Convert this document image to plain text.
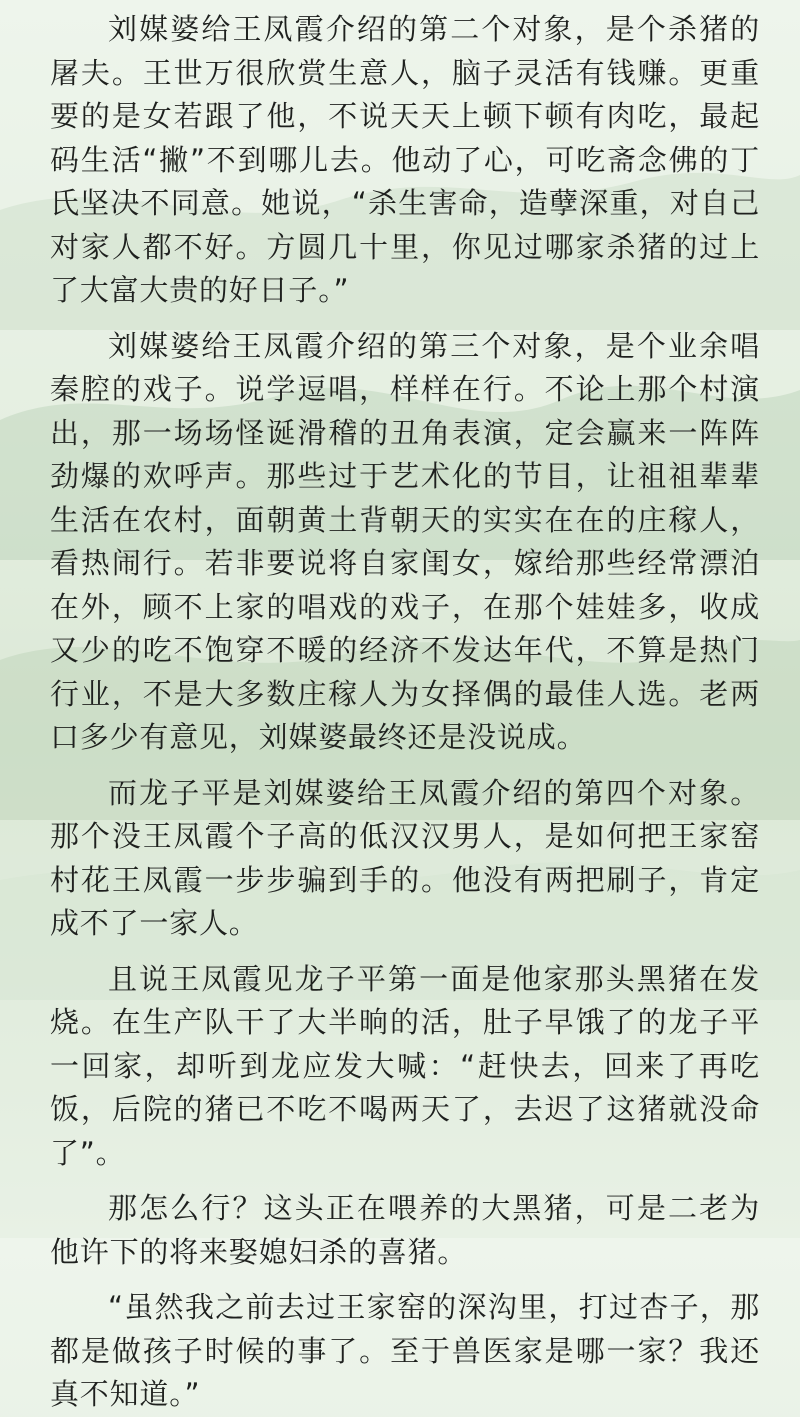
刘媒婆给王凤霞介绍的第二个对象，是个杀猪的屠夫。王世万很欣赏生意人，脑子灵活有钱赚。更重要的是女若跟了他，不说天天上顿下顿有肉吃，最起码生活“撇”不到哪儿去。他动了心，可吃斋念佛的丁氏坚决不同意。她说，“杀生害命，造孽深重，对自己对家人都不好。方圆几十里，你见过哪家杀猪的过上了大富大贵的好日子。”

刘媒婆给王凤霞介绍的第三个对象，是个业余唱秦腔的戏子。说学逗唱，样样在行。不论上那个村演出，那一场场怪诞滑稽的丑角表演，定会赢来一阵阵劲爆的欢呼声。那些过于艺术化的节目，让祖祖辈辈生活在农村，面朝黄土背朝天的实实在在的庄稼人，看热闹行。若非要说将自家闺女，嫁给那些经常漂泊在外，顾不上家的唱戏的戏子，在那个娃娃多，收成又少的吃不饱穿不暖的经济不发达年代，不算是热门行业，不是大多数庄稼人为女择偶的最佳人选。老两口多少有意见，刘媒婆最终还是没说成。

而龙子平是刘媒婆给王凤霞介绍的第四个对象。那个没王凤霞个子高的低汉汉男人，是如何把王家窑村花王凤霞一步步骗到手的。他没有两把刷子，肯定成不了一家人。

且说王凤霞见龙子平第一面是他家那头黑猪在发烧。在生产队干了大半晌的活，肚子早饿了的龙子平一回家，却听到龙应发大喊：“赶快去，回来了再吃饭，后院的猪已不吃不喝两天了，去迟了这猪就没命了”。

那怎么行？这头正在喂养的大黑猪，可是二老为他许下的将来娶媳妇杀的喜猪。

“虽然我之前去过王家窑的深沟里，打过杏子，那都是做孩子时候的事了。至于兽医家是哪一家？我还真不知道。”
